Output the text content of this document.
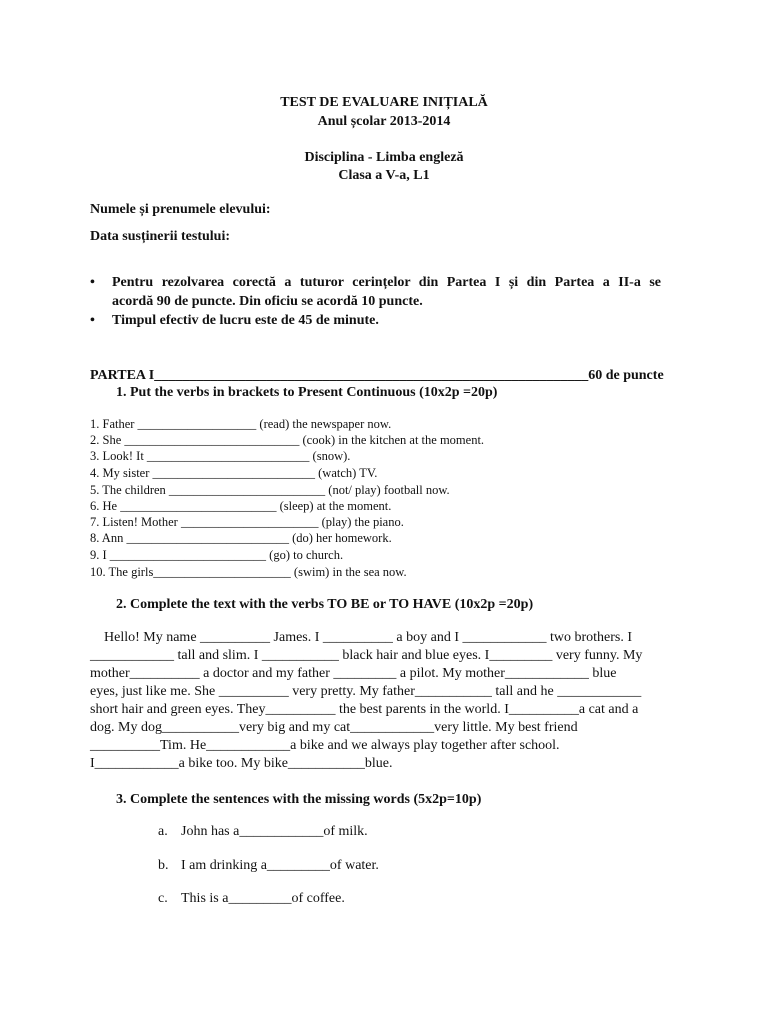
TEST DE EVALUARE INIȚIALĂ
Anul școlar 2013-2014
Disciplina - Limba engleză
Clasa a V-a, L1
Numele și prenumele elevului:
Data susținerii testului:
• Pentru rezolvarea corectă a tuturor cerințelor din Partea I și din Partea a II-a se
acordă 90 de puncte. Din oficiu se acordă 10 puncte.
• Timpul efectiv de lucru este de 45 de minute.
PARTEA I______________________________________________________________60 de puncte
1. Put the verbs in brackets to Present Continuous (10x2p =20p)
1. Father ___________________ (read) the newspaper now.
2. She ____________________________ (cook) in the kitchen at the moment.
3. Look! It __________________________ (snow).
4. My sister __________________________ (watch) TV.
5. The children _________________________ (not/ play) football now.
6. He _________________________ (sleep) at the moment.
7. Listen! Mother ______________________ (play) the piano.
8. Ann __________________________ (do) her homework.
9. I _________________________ (go) to church.
10. The girls______________________ (swim) in the sea now.
2. Complete the text with the verbs TO BE or TO HAVE (10x2p =20p)
Hello! My name __________ James. I __________ a boy and I ____________ two brothers. I
____________ tall and slim. I ___________ black hair and blue eyes. I_________ very funny. My
mother__________ a doctor and my father _________ a pilot. My mother____________ blue
eyes, just like me. She __________ very pretty. My father___________ tall and he ____________
short hair and green eyes. They__________ the best parents in the world. I__________a cat and a
dog. My dog___________very big and my cat____________very little. My best friend
__________Tim. He____________a bike and we always play together after school.
I____________a bike too. My bike___________blue.
3. Complete the sentences with the missing words (5x2p=10p)
a. John has a____________of milk.
b. I am drinking a_________of water.
c. This is a_________of coffee.
